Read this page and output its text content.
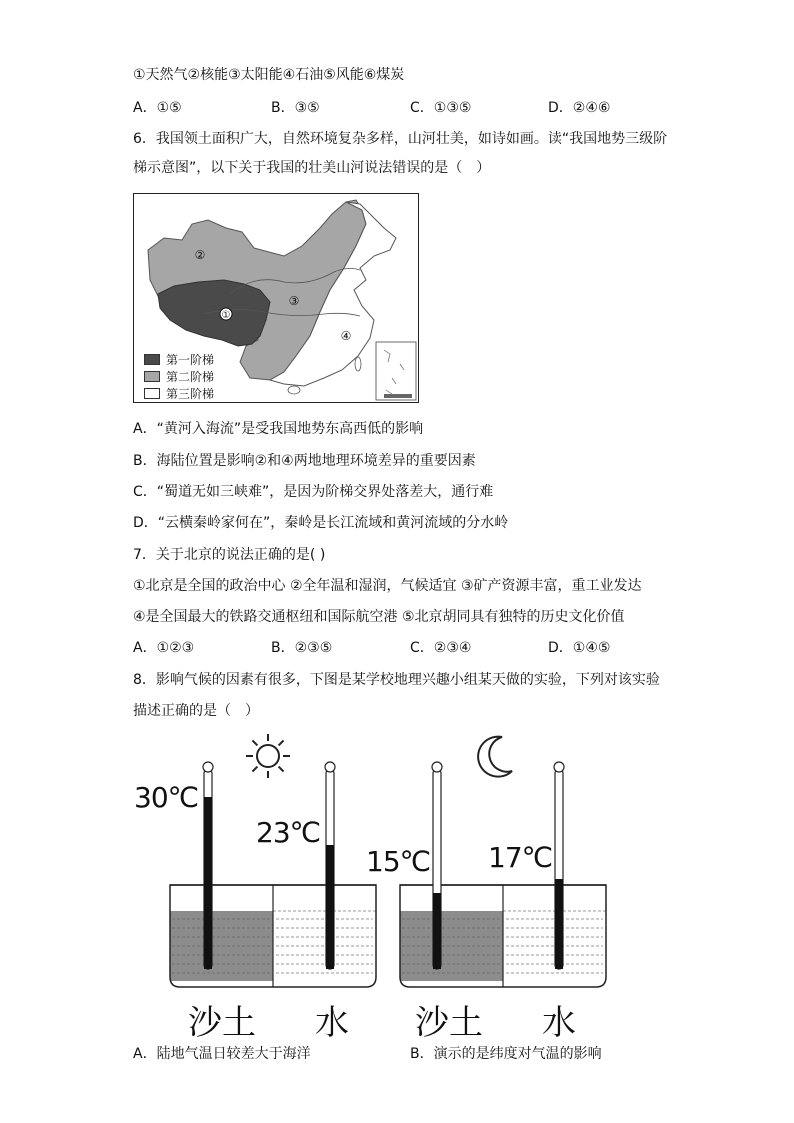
①天然气②核能③太阳能④石油⑤风能⑥煤炭
A．①⑤	B．③⑤	C．①③⑤	D．②④⑥
6．我国领土面积广大，自然环境复杂多样，山河壮美，如诗如画。读“我国地势三级阶
梯示意图”，以下关于我国的壮美山河说法错误的是（　）
①
②
③
④
第一阶梯
第二阶梯
第三阶梯
A．“黄河入海流”是受我国地势东高西低的影响
B．海陆位置是影响②和④两地地理环境差异的重要因素
C．“蜀道无如三峡难”，是因为阶梯交界处落差大，通行难
D．“云横秦岭家何在”，秦岭是长江流域和黄河流域的分水岭
7．关于北京的说法正确的是( )
①北京是全国的政治中心 ②全年温和湿润，气候适宜 ③矿产资源丰富，重工业发达
④是全国最大的铁路交通枢纽和国际航空港 ⑤北京胡同具有独特的历史文化价值
A．①②③	B．②③⑤	C．②③④	D．①④⑤
8．影响气候的因素有很多，下图是某学校地理兴趣小组某天做的实验，下列对该实验
描述正确的是（　）
30℃
23℃
15℃ 17℃
沙土 水 沙土 水
A．陆地气温日较差大于海洋	B．演示的是纬度对气温的影响
